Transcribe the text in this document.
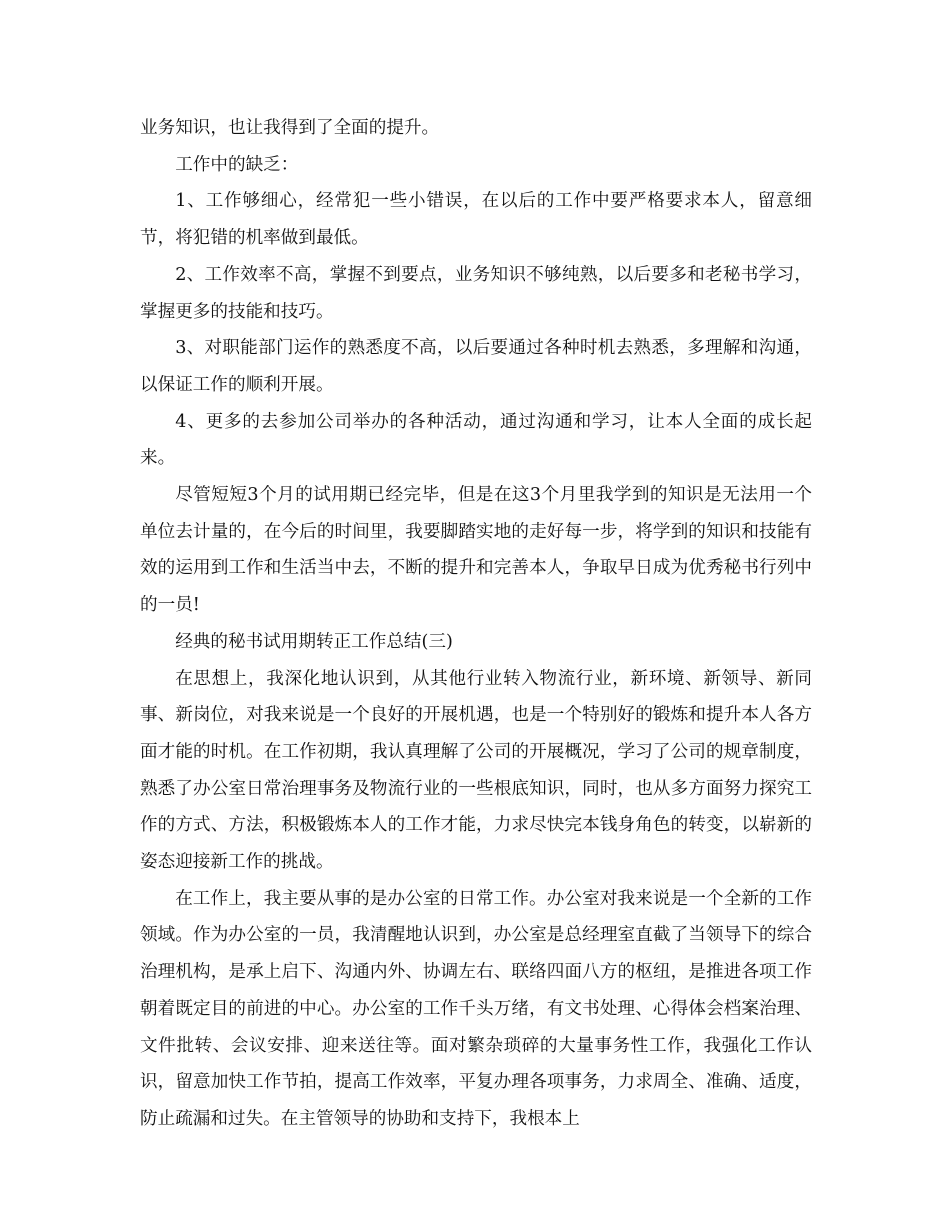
业务知识，也让我得到了全面的提升。

工作中的缺乏：

1、工作够细心，经常犯一些小错误，在以后的工作中要严格要求本人，留意细节，将犯错的机率做到最低。

2、工作效率不高，掌握不到要点，业务知识不够纯熟，以后要多和老秘书学习，掌握更多的技能和技巧。

3、对职能部门运作的熟悉度不高，以后要通过各种时机去熟悉，多理解和沟通，以保证工作的顺利开展。

4、更多的去参加公司举办的各种活动，通过沟通和学习，让本人全面的成长起来。

尽管短短3个月的试用期已经完毕，但是在这3个月里我学到的知识是无法用一个单位去计量的，在今后的时间里，我要脚踏实地的走好每一步，将学到的知识和技能有效的运用到工作和生活当中去，不断的提升和完善本人，争取早日成为优秀秘书行列中的一员!

经典的秘书试用期转正工作总结(三)

在思想上，我深化地认识到，从其他行业转入物流行业，新环境、新领导、新同事、新岗位，对我来说是一个良好的开展机遇，也是一个特别好的锻炼和提升本人各方面才能的时机。在工作初期，我认真理解了公司的开展概况，学习了公司的规章制度，熟悉了办公室日常治理事务及物流行业的一些根底知识，同时，也从多方面努力探究工作的方式、方法，积极锻炼本人的工作才能，力求尽快完本钱身角色的转变，以崭新的姿态迎接新工作的挑战。

在工作上，我主要从事的是办公室的日常工作。办公室对我来说是一个全新的工作领域。作为办公室的一员，我清醒地认识到，办公室是总经理室直截了当领导下的综合治理机构，是承上启下、沟通内外、协调左右、联络四面八方的枢纽，是推进各项工作朝着既定目的前进的中心。办公室的工作千头万绪，有文书处理、心得体会档案治理、文件批转、会议安排、迎来送往等。面对繁杂琐碎的大量事务性工作，我强化工作认识，留意加快工作节拍，提高工作效率，平复办理各项事务，力求周全、准确、适度，防止疏漏和过失。在主管领导的协助和支持下，我根本上
